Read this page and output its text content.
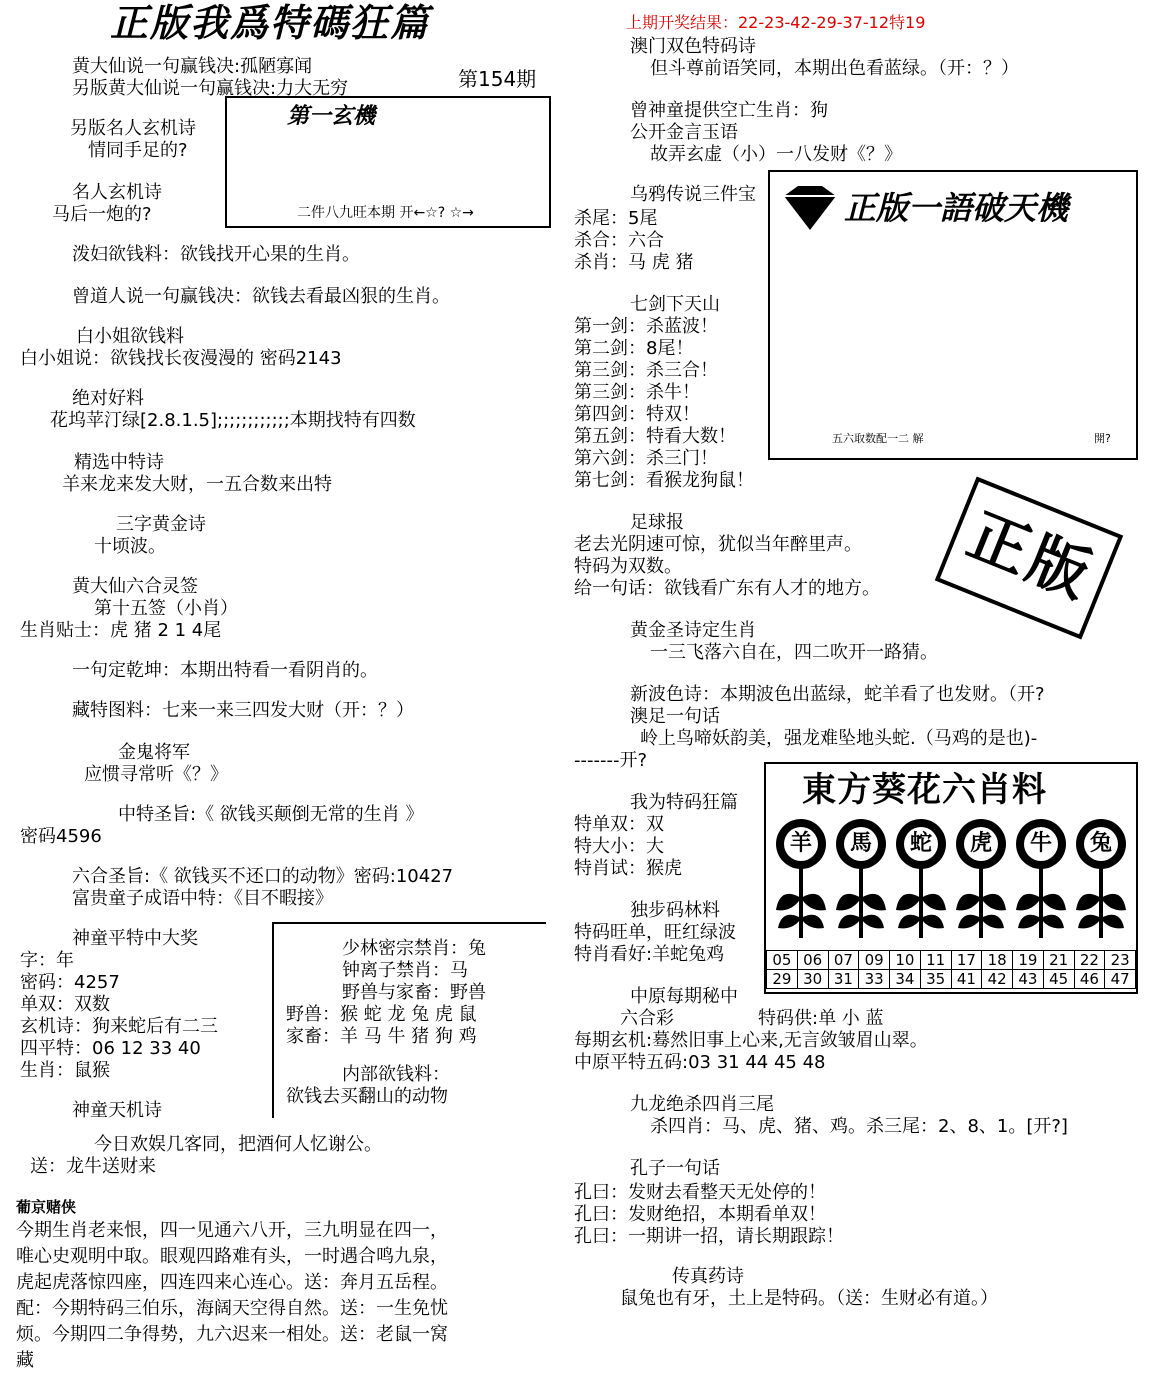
正版我爲特碼狂篇
黄大仙说一句赢钱决:孤陋寡闻
另版黄大仙说一句赢钱决:力大无穷	第154期
第一玄機
二件八九旺本期 开←☆? ☆→
另版名人玄机诗
情同手足的?
名人玄机诗
马后一炮的?
泼妇欲钱料：欲钱找开心果的生肖。
曾道人说一句赢钱决：欲钱去看最凶狠的生肖。
白小姐欲钱料
白小姐说：欲钱找长夜漫漫的 密码2143
绝对好料
花坞苹汀绿[2.8.1.5];;;;;;;;;;;;本期找特有四数
精选中特诗
羊来龙来发大财，一五合数来出特
三字黄金诗
十顷波。
黄大仙六合灵签
第十五签（小肖）
生肖贴士：虎 猪 2 1 4尾
一句定乾坤：本期出特看一看阴肖的。
藏特图料：七来一来三四发大财（开：？）
金鬼将军
应惯寻常听《？》
中特圣旨:《 欲钱买颠倒无常的生肖 》
密码4596
六合圣旨:《 欲钱买不还口的动物》密码:10427
富贵童子成语中特：《目不暇接》
神童平特中大奖
字：年
密码：4257
单双：双数
玄机诗：狗来蛇后有二三
四平特：06 12 33 40
生肖：鼠猴
神童天机诗
少林密宗禁肖：兔
钟离子禁肖：马
野兽与家畜：野兽
野兽：猴 蛇 龙 兔 虎 鼠
家畜：羊 马 牛 猪 狗 鸡
内部欲钱料：
欲钱去买翻山的动物
今日欢娱几客同，把酒何人忆谢公。
送：龙牛送财来
葡京赌侠
今期生肖老来恨，四一见通六八开，三九明显在四一，
唯心史观明中取。眼观四路难有头，一时遇合鸣九泉，
虎起虎落惊四座，四连四来心连心。送：奔月五岳程。
配：今期特码三伯乐，海阔天空得自然。送：一生免忧
烦。今期四二争得势，九六迟来一相处。送：老鼠一窝
藏
上期开奖结果：22-23-42-29-37-12特19
澳门双色特码诗
但斗尊前语笑同，本期出色看蓝绿。（开：？）
曾神童提供空亡生肖：狗
公开金言玉语
故弄玄虚（小）一八发财《？》
乌鸦传说三件宝
杀尾：5尾
杀合：六合
杀肖：马 虎 猪
正版一語破天機
五六取数配一二 解	開?
七剑下天山
第一剑：杀蓝波！
第二剑：8尾！
第三剑：杀三合！
第三剑：杀牛！
第四剑：特双！
第五剑：特看大数！
第六剑：杀三门！
第七剑：看猴龙狗鼠！
正版
足球报
老去光阴速可惊，犹似当年醉里声。
特码为双数。
给一句话：欲钱看广东有人才的地方。
黄金圣诗定生肖
一三飞落六自在，四二吹开一路猜。
新波色诗：本期波色出蓝绿，蛇羊看了也发财。（开?
澳足一句话
岭上鸟啼妖韵美，强龙难坠地头蛇.（马鸡的是也)-
-------开?
東方葵花六肖料
羊	馬	蛇	虎	牛	兔
05	06	07	09	10	11	17	18	19	21	22	23
29	30	31	33	34	35	41	42	43	45	46	47
我为特码狂篇
特单双：双
特大小：大
特肖试：猴虎
独步码林料
特码旺单，旺红绿波
特肖看好:羊蛇兔鸡
中原每期秘中
六合彩	特码供:单 小 蓝
每期玄机:蓦然旧事上心来,无言敛皱眉山翠。
中原平特五码:03 31 44 45 48
九龙绝杀四肖三尾
杀四肖：马、虎、猪、鸡。杀三尾：2、8、1。[开?]
孔子一句话
孔曰：发财去看整天无处停的！
孔曰：发财绝招，本期看单双！
孔曰：一期讲一招，请长期跟踪！
传真药诗
鼠兔也有牙，土上是特码。（送：生财必有道。）
